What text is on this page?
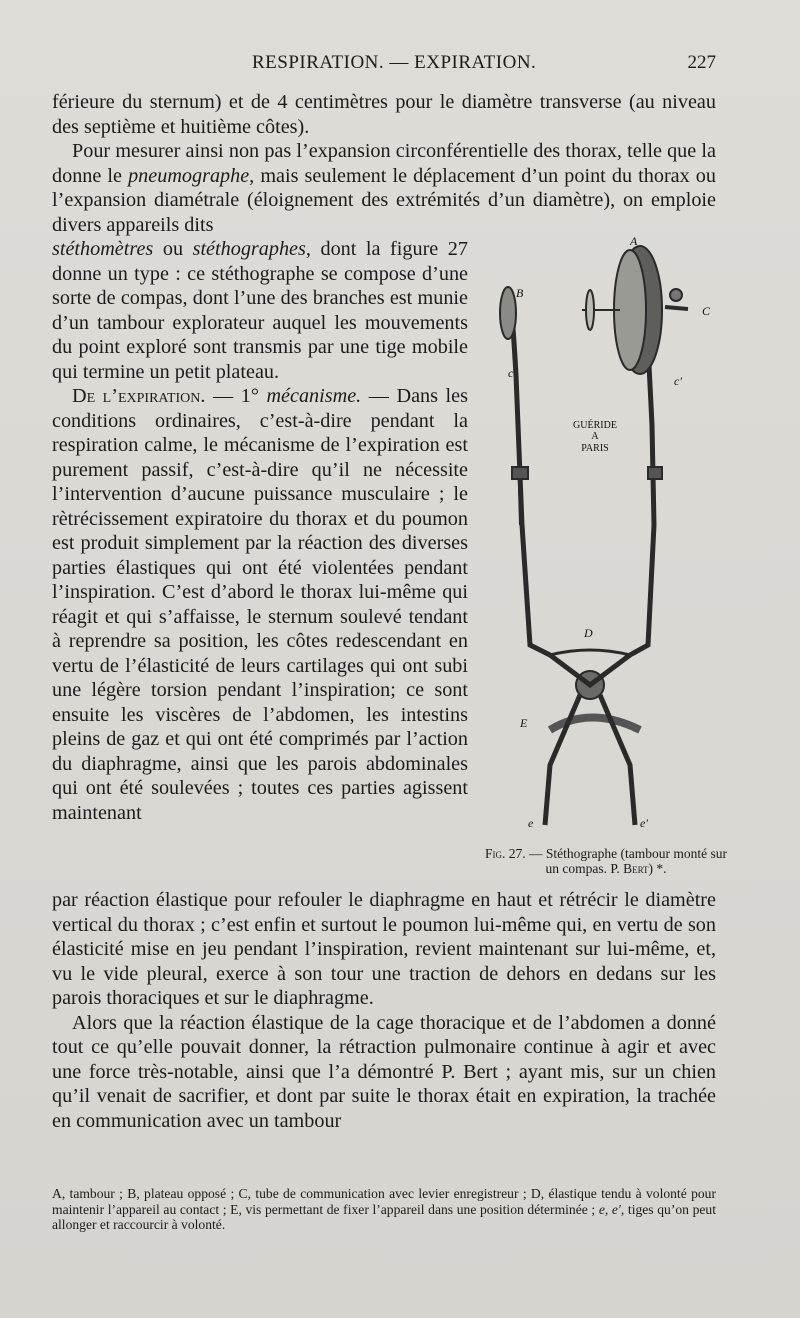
RESPIRATION. — EXPIRATION.	227

férieure du sternum) et de 4 centimètres pour le diamètre transverse (au niveau des septième et huitième côtes).

Pour mesurer ainsi non pas l’expansion circonférentielle des thorax, telle que la donne le pneumographe, mais seulement le déplacement d’un point du thorax ou l’expansion diamétrale (éloignement des extrémités d’un diamètre), on emploie divers appareils dits

stéthomètres ou stéthographes, dont la figure 27 donne un type : ce stéthographe se compose d’une sorte de compas, dont l’une des branches est munie d’un tambour explorateur auquel les mouvements du point exploré sont transmis par une tige mobile qui termine un petit plateau.

De l’expiration. — 1° mécanisme. — Dans les conditions ordinaires, c’est-à-dire pendant la respiration calme, le mécanisme de l’expiration est purement passif, c’est-à-dire qu’il ne nécessite l’intervention d’aucune puissance musculaire ; le rètrécissement expiratoire du thorax et du poumon est produit simplement par la réaction des diverses parties élastiques qui ont été violentées pendant l’inspiration. C’est d’abord le thorax lui-même qui réagit et qui s’affaisse, le sternum soulevé tendant à reprendre sa position, les côtes redescendant en vertu de l’élasticité de leurs cartilages qui ont subi une légère torsion pendant l’inspiration; ce sont ensuite les viscères de l’abdomen, les intestins pleins de gaz et qui ont été comprimés par l’action du diaphragme, ainsi que les parois abdominales qui ont été soulevées ; toutes ces parties agissent maintenant

par réaction élastique pour refouler le diaphragme en haut et rétrécir le diamètre vertical du thorax ; c’est enfin et surtout le poumon lui-même qui, en vertu de son élasticité mise en jeu pendant l’inspiration, revient maintenant sur lui-même, et, vu le vide pleural, exerce à son tour une traction de dehors en dedans sur les parois thoraciques et sur le diaphragme.

Alors que la réaction élastique de la cage thoracique et de l’abdomen a donné tout ce qu’elle pouvait donner, la rétraction pulmonaire continue à agir et avec une force très-notable, ainsi que l’a démontré P. Bert ; ayant mis, sur un chien qu’il venait de sacrifier, et dont par suite le thorax était en expiration, la trachée en communication avec un tambour

A
B
C
c
c′
GUÉRIDE
A
PARIS
D
E
e	e′
Fig. 27. — Stéthographe (tambour monté sur un compas. P. Bert) *.
A, tambour ; B, plateau opposé ; C, tube de communication avec levier enregistreur ; D, élastique tendu à volonté pour maintenir l’appareil au contact ; E, vis permettant de fixer l’appareil dans une position déterminée ; e, e′, tiges qu’on peut allonger et raccourcir à volonté.
